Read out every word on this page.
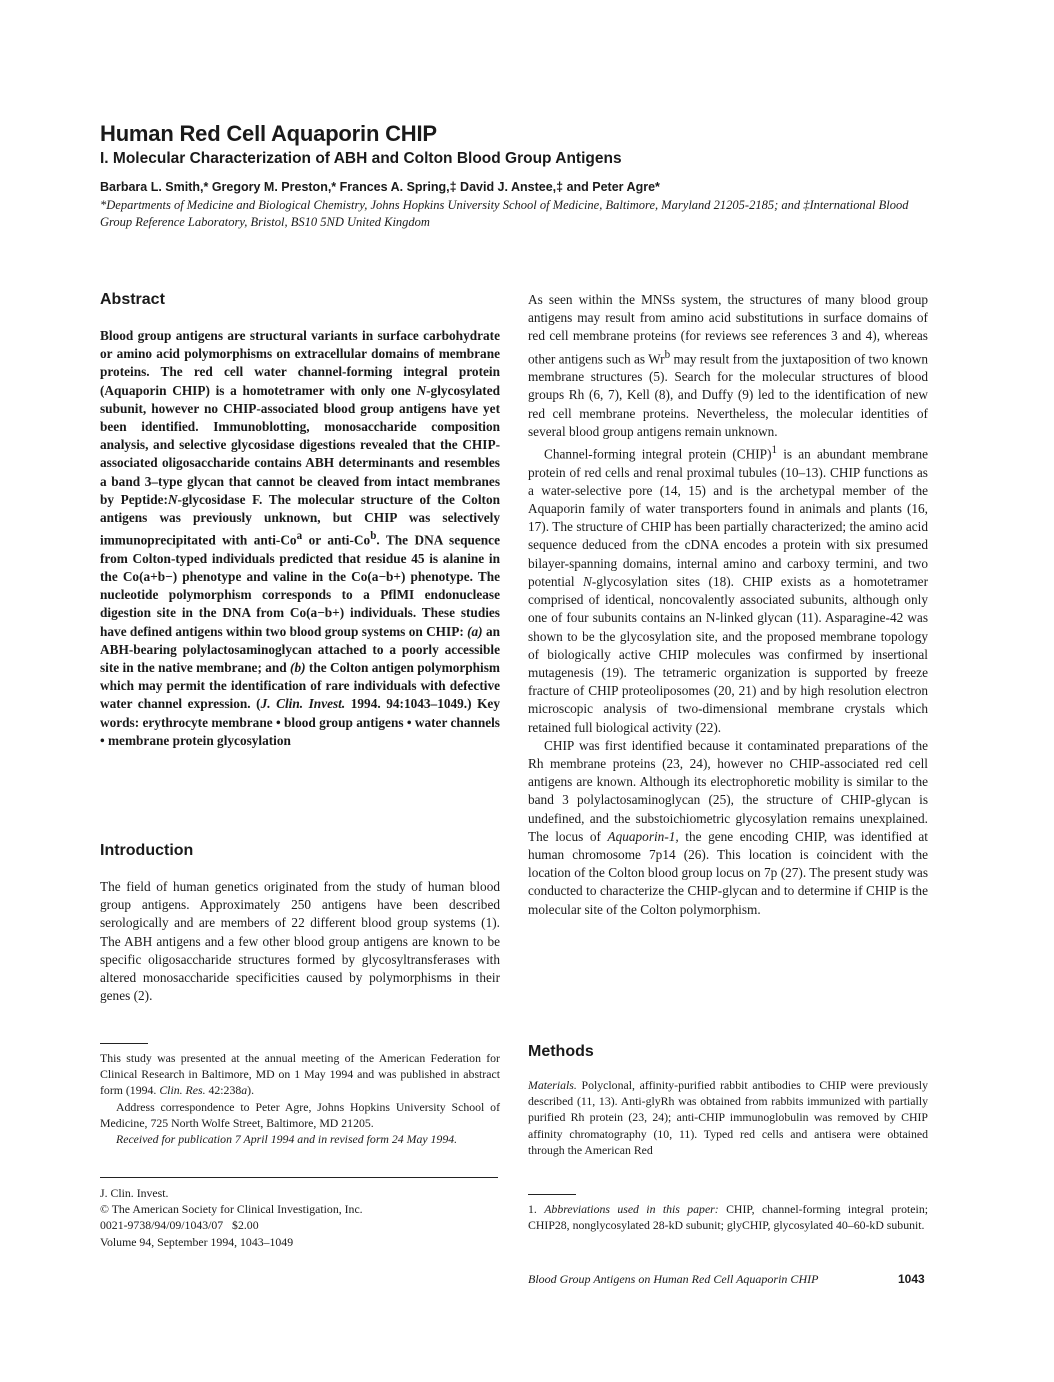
Human Red Cell Aquaporin CHIP
I. Molecular Characterization of ABH and Colton Blood Group Antigens
Barbara L. Smith,* Gregory M. Preston,* Frances A. Spring,‡ David J. Anstee,‡ and Peter Agre*
*Departments of Medicine and Biological Chemistry, Johns Hopkins University School of Medicine, Baltimore, Maryland 21205-2185; and ‡International Blood Group Reference Laboratory, Bristol, BS10 5ND United Kingdom
Abstract

Blood group antigens are structural variants in surface carbohydrate or amino acid polymorphisms on extracellular domains of membrane proteins. The red cell water channel-forming integral protein (Aquaporin CHIP) is a homotetramer with only one N-glycosylated subunit, however no CHIP-associated blood group antigens have yet been identified. Immunoblotting, monosaccharide composition analysis, and selective glycosidase digestions revealed that the CHIP-associated oligosaccharide contains ABH determinants and resembles a band 3–type glycan that cannot be cleaved from intact membranes by Peptide:N-glycosidase F. The molecular structure of the Colton antigens was previously unknown, but CHIP was selectively immunoprecipitated with anti-Co$^a$ or anti-Co$^b$. The DNA sequence from Colton-typed individuals predicted that residue 45 is alanine in the Co(a+b−) phenotype and valine in the Co(a−b+) phenotype. The nucleotide polymorphism corresponds to a PflMI endonuclease digestion site in the DNA from Co(a−b+) individuals. These studies have defined antigens within two blood group systems on CHIP: (a) an ABH-bearing polylactosaminoglycan attached to a poorly accessible site in the native membrane; and (b) the Colton antigen polymorphism which may permit the identification of rare individuals with defective water channel expression. (J. Clin. Invest. 1994. 94:1043–1049.) Key words: erythrocyte membrane • blood group antigens • water channels • membrane protein glycosylation

Introduction

The field of human genetics originated from the study of human blood group antigens. Approximately 250 antigens have been described serologically and are members of 22 different blood group systems (1). The ABH antigens and a few other blood group antigens are known to be specific oligosaccharide structures formed by glycosyltransferases with altered monosaccharide specificities caused by polymorphisms in their genes (2).

This study was presented at the annual meeting of the American Federation for Clinical Research in Baltimore, MD on 1 May 1994 and was published in abstract form (1994. Clin. Res. 42:238a).

Address correspondence to Peter Agre, Johns Hopkins University School of Medicine, 725 North Wolfe Street, Baltimore, MD 21205.

Received for publication 7 April 1994 and in revised form 24 May 1994.

J. Clin. Invest.

© The American Society for Clinical Investigation, Inc.

0021-9738/94/09/1043/07   $2.00

Volume 94, September 1994, 1043–1049

As seen within the MNSs system, the structures of many blood group antigens may result from amino acid substitutions in surface domains of red cell membrane proteins (for reviews see references 3 and 4), whereas other antigens such as Wr$^b$ may result from the juxtaposition of two known membrane structures (5). Search for the molecular structures of blood groups Rh (6, 7), Kell (8), and Duffy (9) led to the identification of new red cell membrane proteins. Nevertheless, the molecular identities of several blood group antigens remain unknown.

Channel-forming integral protein (CHIP)$^1$ is an abundant membrane protein of red cells and renal proximal tubules (10–13). CHIP functions as a water-selective pore (14, 15) and is the archetypal member of the Aquaporin family of water transporters found in animals and plants (16, 17). The structure of CHIP has been partially characterized; the amino acid sequence deduced from the cDNA encodes a protein with six presumed bilayer-spanning domains, internal amino and carboxy termini, and two potential N-glycosylation sites (18). CHIP exists as a homotetramer comprised of identical, noncovalently associated subunits, although only one of four subunits contains an N-linked glycan (11). Asparagine-42 was shown to be the glycosylation site, and the proposed membrane topology of biologically active CHIP molecules was confirmed by insertional mutagenesis (19). The tetrameric organization is supported by freeze fracture of CHIP proteoliposomes (20, 21) and by high resolution electron microscopic analysis of two-dimensional membrane crystals which retained full biological activity (22).

CHIP was first identified because it contaminated preparations of the Rh membrane proteins (23, 24), however no CHIP-associated red cell antigens are known. Although its electrophoretic mobility is similar to the band 3 polylactosaminoglycan (25), the structure of CHIP-glycan is undefined, and the substoichiometric glycosylation remains unexplained. The locus of Aquaporin-1, the gene encoding CHIP, was identified at human chromosome 7p14 (26). This location is coincident with the location of the Colton blood group locus on 7p (27). The present study was conducted to characterize the CHIP-glycan and to determine if CHIP is the molecular site of the Colton polymorphism.

Methods

Materials. Polyclonal, affinity-purified rabbit antibodies to CHIP were previously described (11, 13). Anti-glyRh was obtained from rabbits immunized with partially purified Rh protein (23, 24); anti-CHIP immunoglobulin was removed by CHIP affinity chromatography (10, 11). Typed red cells and antisera were obtained through the American Red

1. Abbreviations used in this paper: CHIP, channel-forming integral protein; CHIP28, nonglycosylated 28-kD subunit; glyCHIP, glycosylated 40–60-kD subunit.

Blood Group Antigens on Human Red Cell Aquaporin CHIP	1043
